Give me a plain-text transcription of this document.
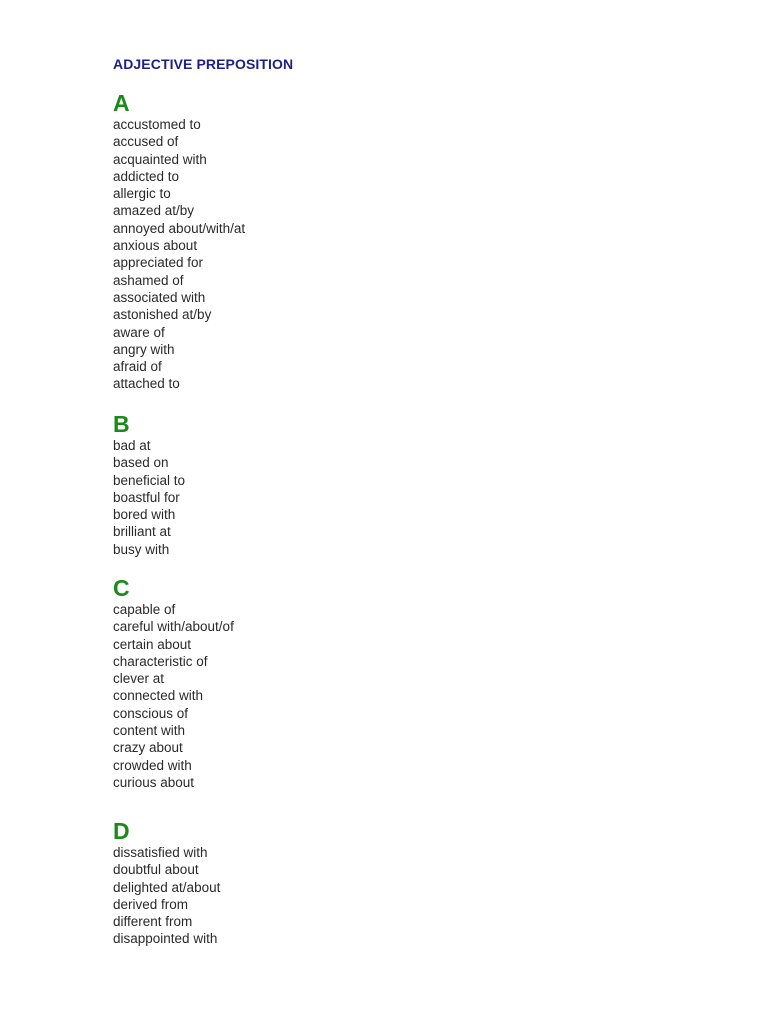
ADJECTIVE PREPOSITION
A
accustomed to
accused of
acquainted with
addicted to
allergic to
amazed at/by
annoyed about/with/at
anxious about
appreciated for
ashamed of
associated with
astonished at/by
aware of
angry with
afraid of
attached to
B
bad at
based on
beneficial to
boastful for
bored with
brilliant at
busy with
C
capable of
careful with/about/of
certain about
characteristic of
clever at
connected with
conscious of
content with
crazy about
crowded with
curious about
D
dissatisfied with
doubtful about
delighted at/about
derived from
different from
disappointed with
